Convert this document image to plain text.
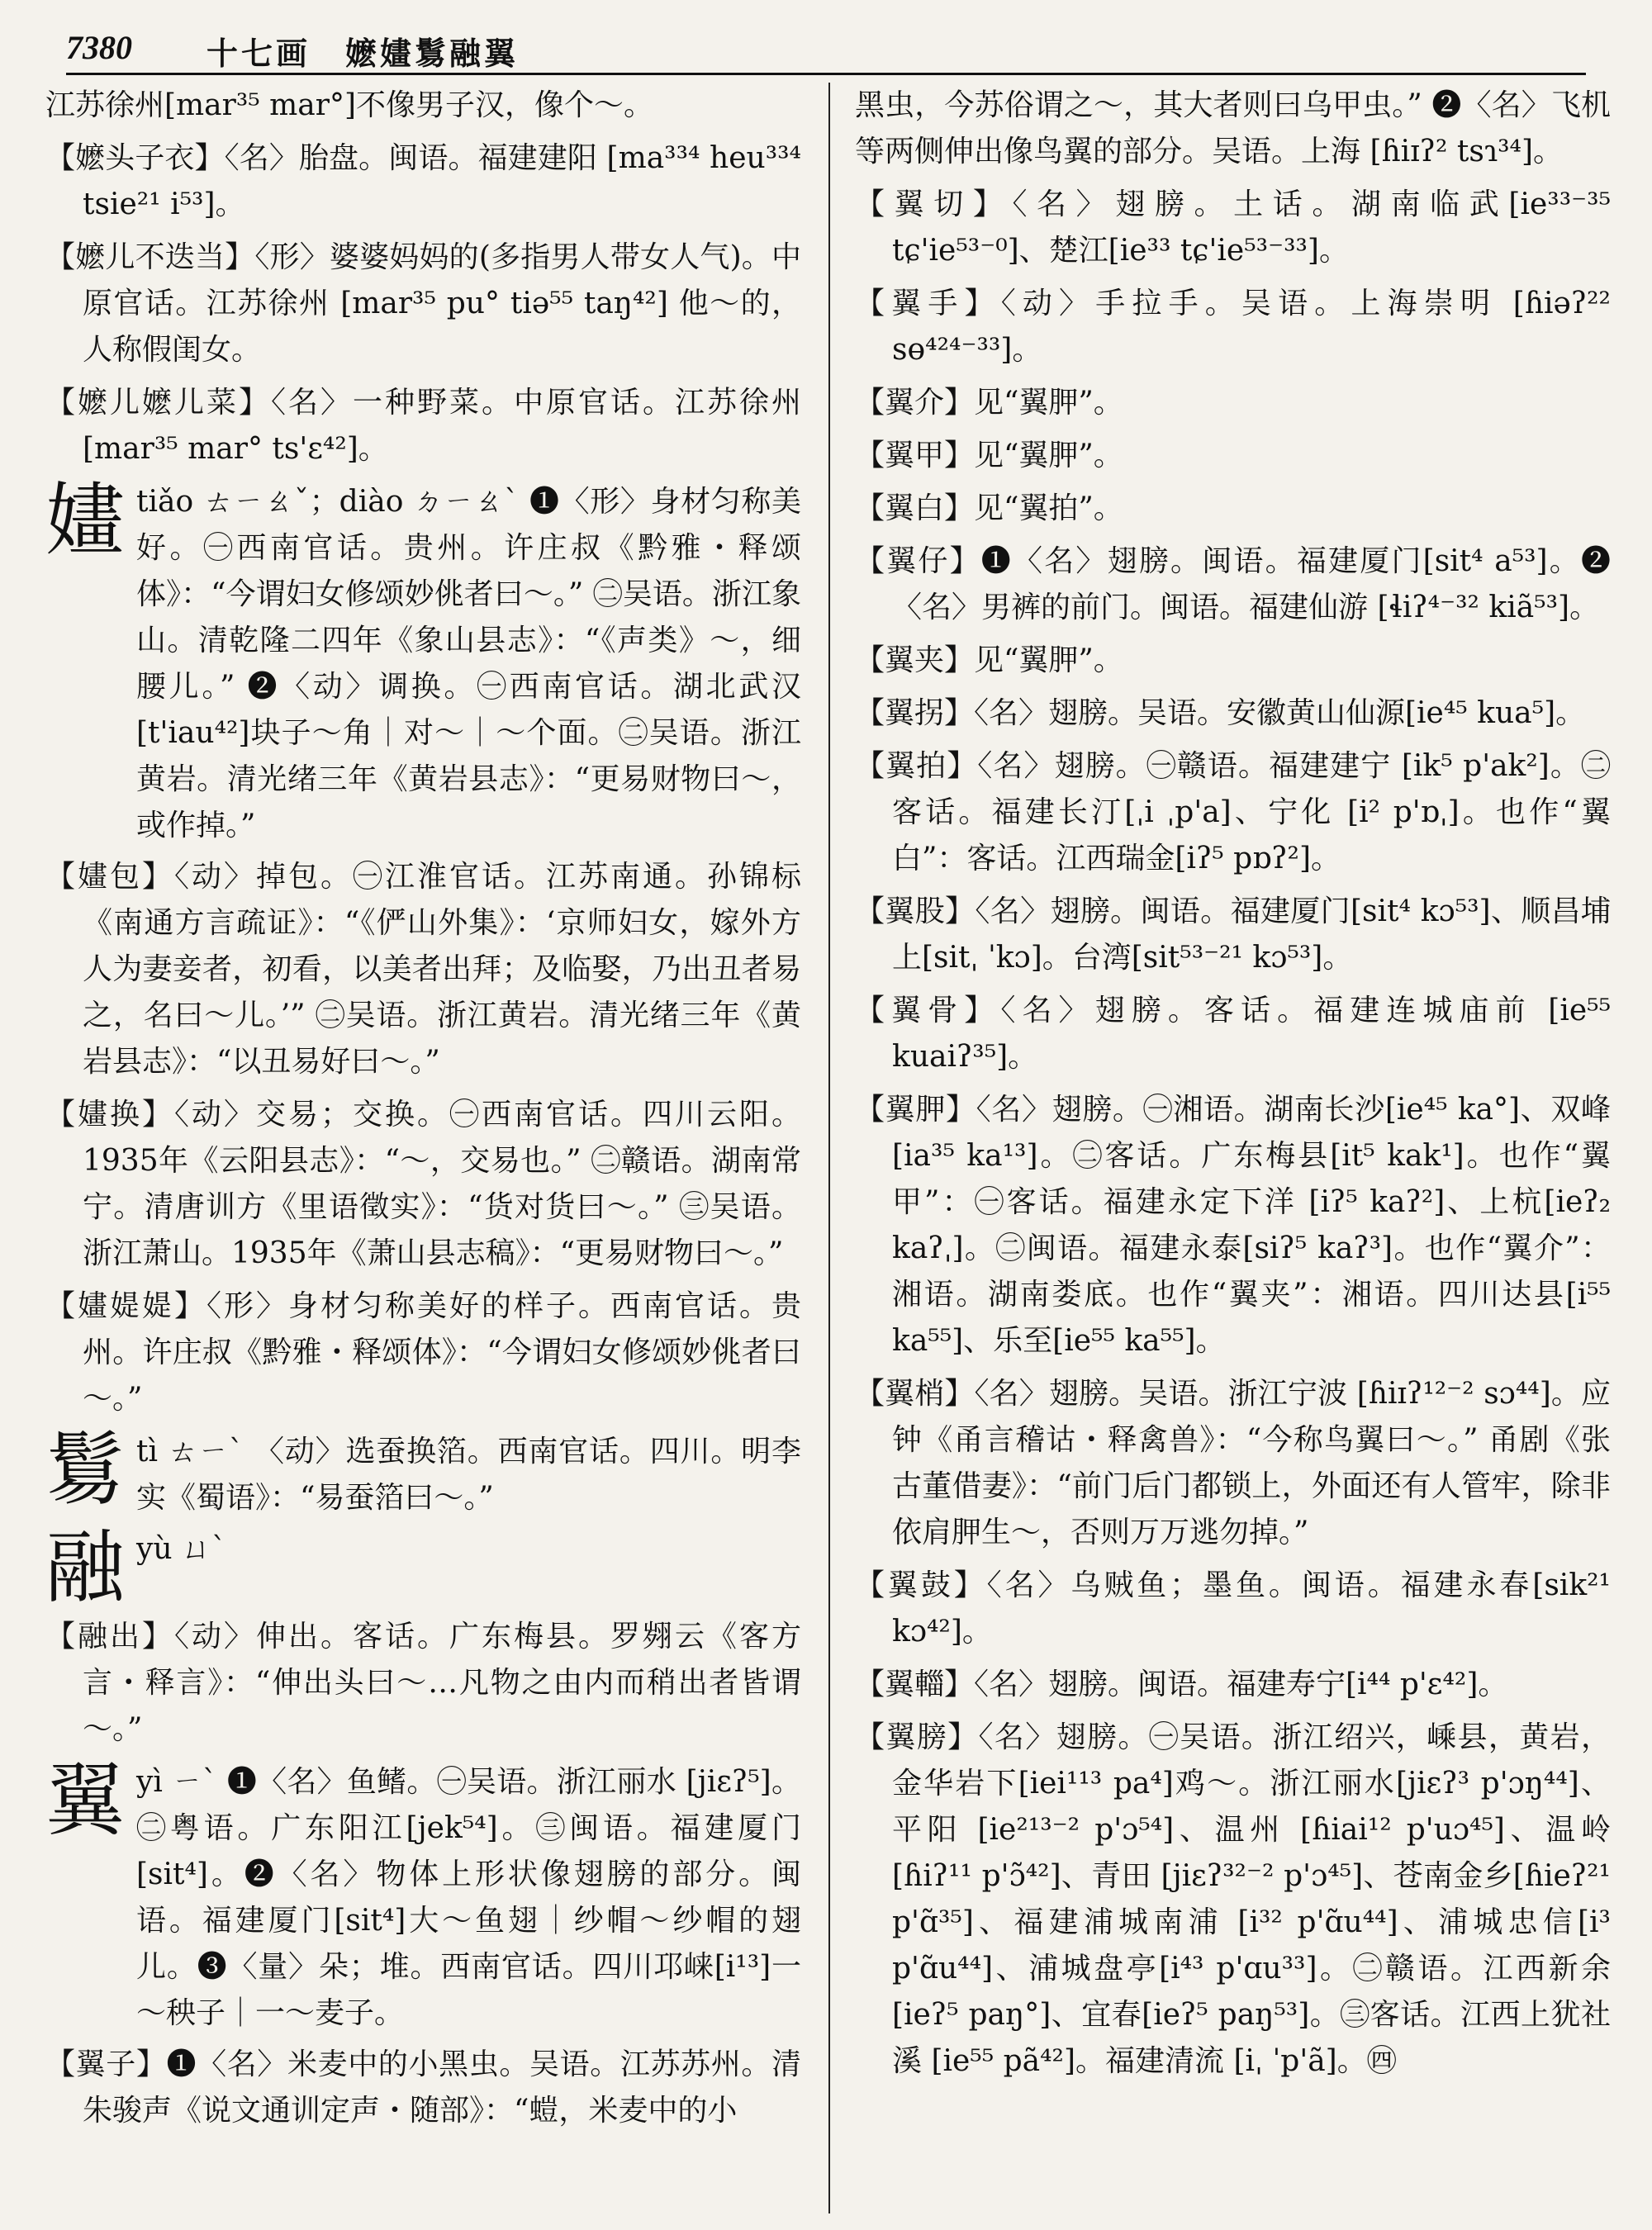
7380 十七画　嬷嫿鬄融翼

江苏徐州[mar³⁵ mar°]不像男子汉，像个～。

【嬷头子衣】〈名〉胎盘。闽语。福建建阳 [ma³³⁴ heu³³⁴ tsie²¹ i⁵³]。

【嬷儿不迭当】〈形〉婆婆妈妈的(多指男人带女人气)。中原官话。江苏徐州 [mar³⁵ pu° tiə⁵⁵ taŋ⁴²] 他～的，人称假闺女。

【嬷儿嬷儿菜】〈名〉一种野菜。中原官话。江苏徐州 [mar³⁵ mar° ts'ɛ⁴²]。

嫿 tiǎo ㄊㄧㄠˇ；diào ㄉㄧㄠˋ ❶〈形〉身材匀称美好。㊀西南官话。贵州。许庄叔《黔雅・释颂体》：“今谓妇女修颂妙佻者曰～。” ㊁吴语。浙江象山。清乾隆二四年《象山县志》：“《声类》～，细腰儿。” ❷〈动〉调换。㊀西南官话。湖北武汉[t'iau⁴²]块子～角｜对～｜～个面。㊁吴语。浙江黄岩。清光绪三年《黄岩县志》：“更易财物曰～，或作掉。”

【嫿包】〈动〉掉包。㊀江淮官话。江苏南通。孙锦标《南通方言疏证》：“《俨山外集》：‘京师妇女，嫁外方人为妻妾者，初看，以美者出拜；及临娶，乃出丑者易之，名曰～儿。’” ㊁吴语。浙江黄岩。清光绪三年《黄岩县志》：“以丑易好曰～。”

【嫿换】〈动〉交易；交换。㊀西南官话。四川云阳。1935年《云阳县志》：“～，交易也。” ㊁赣语。湖南常宁。清唐训方《里语徵实》：“货对货曰～。” ㊂吴语。浙江萧山。1935年《萧山县志稿》：“更易财物曰～。”

【嫿媞媞】〈形〉身材匀称美好的样子。西南官话。贵州。许庄叔《黔雅・释颂体》：“今谓妇女修颂妙佻者曰～。”

鬄 tì ㄊㄧˋ 〈动〉选蚕换箔。西南官话。四川。明李实《蜀语》：“易蚕箔曰～。”
融 yù ㄩˋ

【融出】〈动〉伸出。客话。广东梅县。罗翙云《客方言・释言》：“伸出头曰～…凡物之由内而稍出者皆谓～。”

翼 yì ㄧˋ ❶〈名〉鱼鳍。㊀吴语。浙江丽水 [jiɛʔ⁵]。㊁粤语。广东阳江[jek⁵⁴]。㊂闽语。福建厦门[sit⁴]。❷〈名〉物体上形状像翅膀的部分。闽语。福建厦门[sit⁴]大～鱼翅｜纱帽～纱帽的翅儿。❸〈量〉朵；堆。西南官话。四川邛崃[i¹³]一～秧子｜一～麦子。

【翼子】❶〈名〉米麦中的小黑虫。吴语。江苏苏州。清朱骏声《说文通训定声・随部》：“螘，米麦中的小

黑虫，今苏俗谓之～，其大者则曰乌甲虫。” ❷〈名〉飞机等两侧伸出像鸟翼的部分。吴语。上海 [ɦiɪʔ² tsɿ³⁴]。

【翼切】〈名〉翅膀。土话。湖南临武[ie³³⁻³⁵ tɕ'ie⁵³⁻⁰]、楚江[ie³³ tɕ'ie⁵³⁻³³]。

【翼手】〈动〉手拉手。吴语。上海崇明 [ɦiəʔ²² sɵ⁴²⁴⁻³³]。

【翼介】见“翼胛”。

【翼甲】见“翼胛”。

【翼白】见“翼拍”。

【翼仔】❶〈名〉翅膀。闽语。福建厦门[sit⁴ a⁵³]。❷〈名〉男裤的前门。闽语。福建仙游 [ɬiʔ⁴⁻³² kiã⁵³]。

【翼夹】见“翼胛”。

【翼拐】〈名〉翅膀。吴语。安徽黄山仙源[ie⁴⁵ kua⁵]。

【翼拍】〈名〉翅膀。㊀赣语。福建建宁 [ik⁵ p'ak²]。㊁客话。福建长汀[ˌi ˌp'a]、宁化 [i² p'ɒˌ]。也作“翼白”：客话。江西瑞金[iʔ⁵ pɒʔ²]。

【翼股】〈名〉翅膀。闽语。福建厦门[sit⁴ kɔ⁵³]、顺昌埔上[sitˌ ˈkɔ]。台湾[sit⁵³⁻²¹ kɔ⁵³]。

【翼骨】〈名〉翅膀。客话。福建连城庙前 [ie⁵⁵ kuaiʔ³⁵]。

【翼胛】〈名〉翅膀。㊀湘语。湖南长沙[ie⁴⁵ ka°]、双峰[ia³⁵ ka¹³]。㊁客话。广东梅县[it⁵ kak¹]。也作“翼甲”：㊀客话。福建永定下洋 [iʔ⁵ kaʔ²]、上杭[ieʔ₂ kaʔˌ]。㊁闽语。福建永泰[siʔ⁵ kaʔ³]。也作“翼介”：湘语。湖南娄底。也作“翼夹”：湘语。四川达县[i⁵⁵ ka⁵⁵]、乐至[ie⁵⁵ ka⁵⁵]。

【翼梢】〈名〉翅膀。吴语。浙江宁波 [ɦiɪʔ¹²⁻² sɔ⁴⁴]。应钟《甬言稽诂・释禽兽》：“今称鸟翼曰～。” 甬剧《张古董借妻》：“前门后门都锁上，外面还有人管牢，除非依肩胛生～，否则万万逃勿掉。”

【翼鼓】〈名〉乌贼鱼；墨鱼。闽语。福建永春[sik²¹ kɔ⁴²]。

【翼輺】〈名〉翅膀。闽语。福建寿宁[i⁴⁴ p'ɛ⁴²]。

【翼膀】〈名〉翅膀。㊀吴语。浙江绍兴，嵊县，黄岩，金华岩下[iei¹¹³ pa⁴]鸡～。浙江丽水[jiɛʔ³ p'ɔŋ⁴⁴]、平阳 [ie²¹³⁻² p'ɔ⁵⁴]、温州 [ɦiai¹² p'uɔ⁴⁵]、温岭[ɦiʔ¹¹ p'ɔ̃⁴²]、青田 [jiɛʔ³²⁻² p'ɔ⁴⁵]、苍南金乡[ɦieʔ²¹ p'ɑ̃³⁵]、福建浦城南浦 [i³² p'ɑ̃u⁴⁴]、浦城忠信[i³ p'ɑ̃u⁴⁴]、浦城盘亭[i⁴³ p'ɑu³³]。㊁赣语。江西新余 [ieʔ⁵ paŋ°]、宜春[ieʔ⁵ paŋ⁵³]。㊂客话。江西上犹社溪 [ie⁵⁵ pã⁴²]。福建清流 [iˌ ˈp'ã]。㊃
